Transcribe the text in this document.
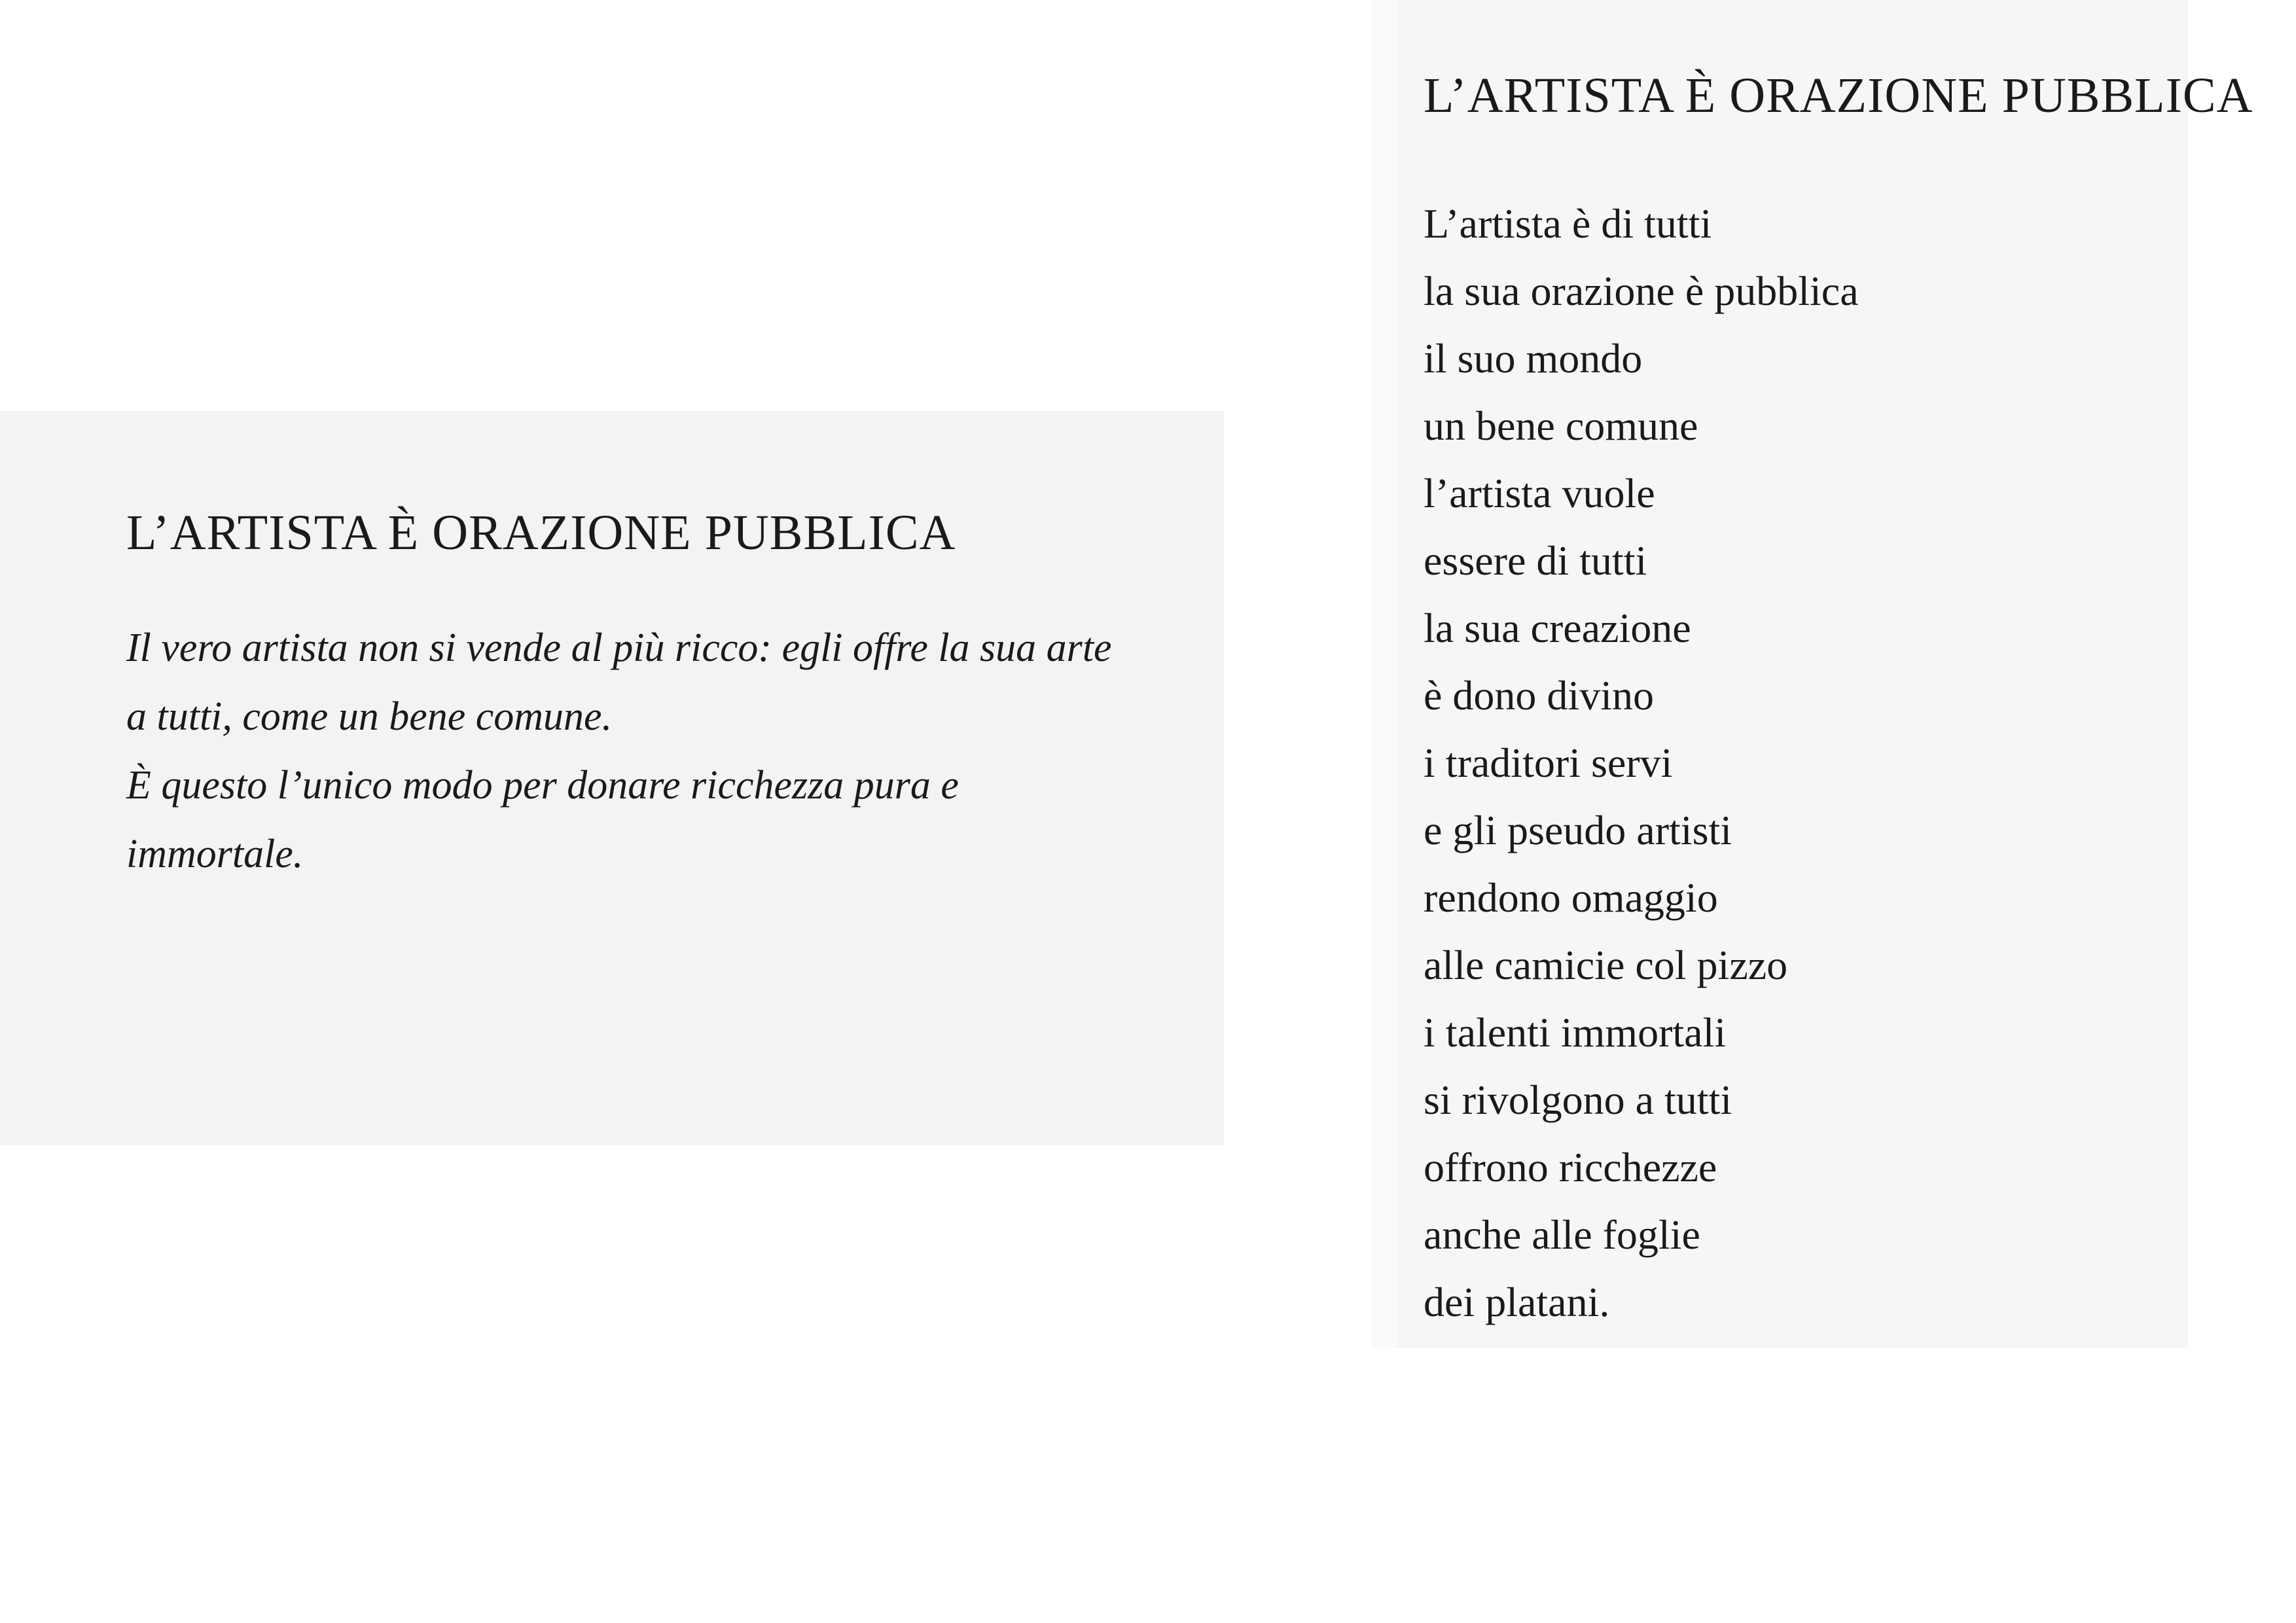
L’ARTISTA È ORAZIONE PUBBLICA

Il vero artista non si vende al più ricco: egli offre la sua arte a tutti, come un bene comune.

È questo l’unico modo per donare ricchezza pura e immortale.

L’ARTISTA È ORAZIONE PUBBLICA
L’artista è di tutti
la sua orazione è pubblica
il suo mondo
un bene comune
l’artista vuole
essere di tutti
la sua creazione
è dono divino
i traditori servi
e gli pseudo artisti
rendono omaggio
alle camicie col pizzo
i talenti immortali
si rivolgono a tutti
offrono ricchezze
anche alle foglie
dei platani.
